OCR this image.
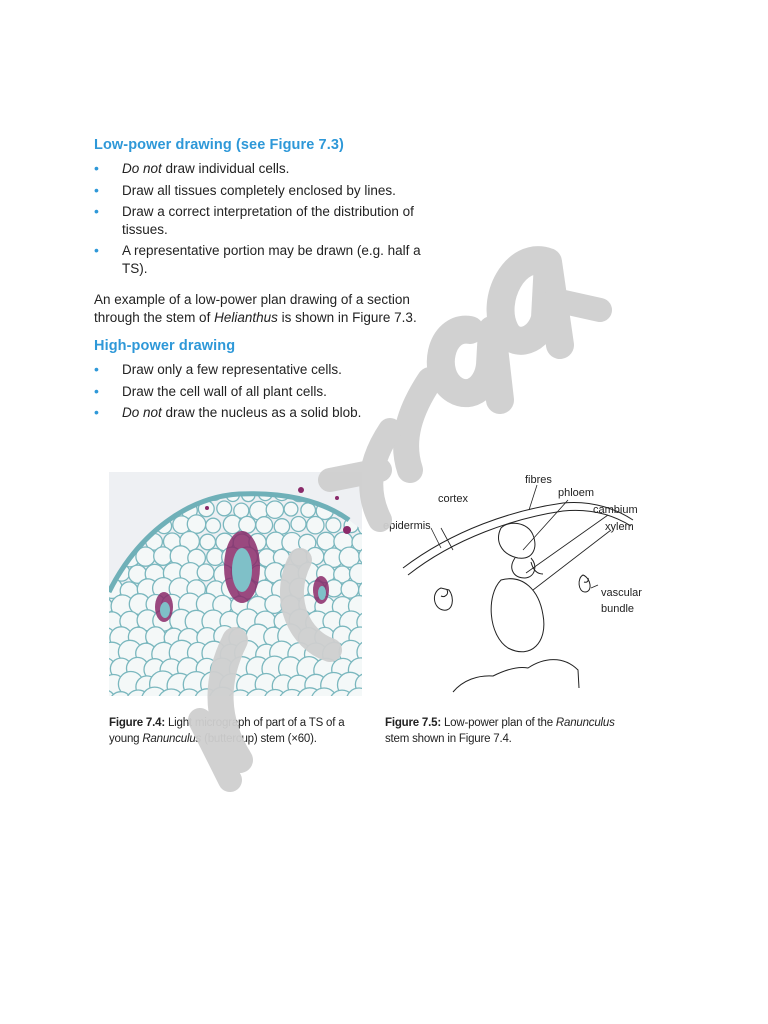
Low-power drawing (see Figure 7.3)
• Do not draw individual cells.
• Draw all tissues completely enclosed by lines.
• Draw a correct interpretation of the distribution of tissues.
• A representative portion may be drawn (e.g. half a TS).
An example of a low-power plan drawing of a section through the stem of Helianthus is shown in Figure 7.3.
High-power drawing
• Draw only a few representative cells.
• Draw the cell wall of all plant cells.
• Do not draw the nucleus as a solid blob.
epidermis
cortex
fibres
phloem
cambium
xylem
vascular
bundle
Figure 7.4: Light micrograph of part of a TS of a young Ranunculus (buttercup) stem (×60).
Figure 7.5: Low-power plan of the Ranunculus stem shown in Figure 7.4.
